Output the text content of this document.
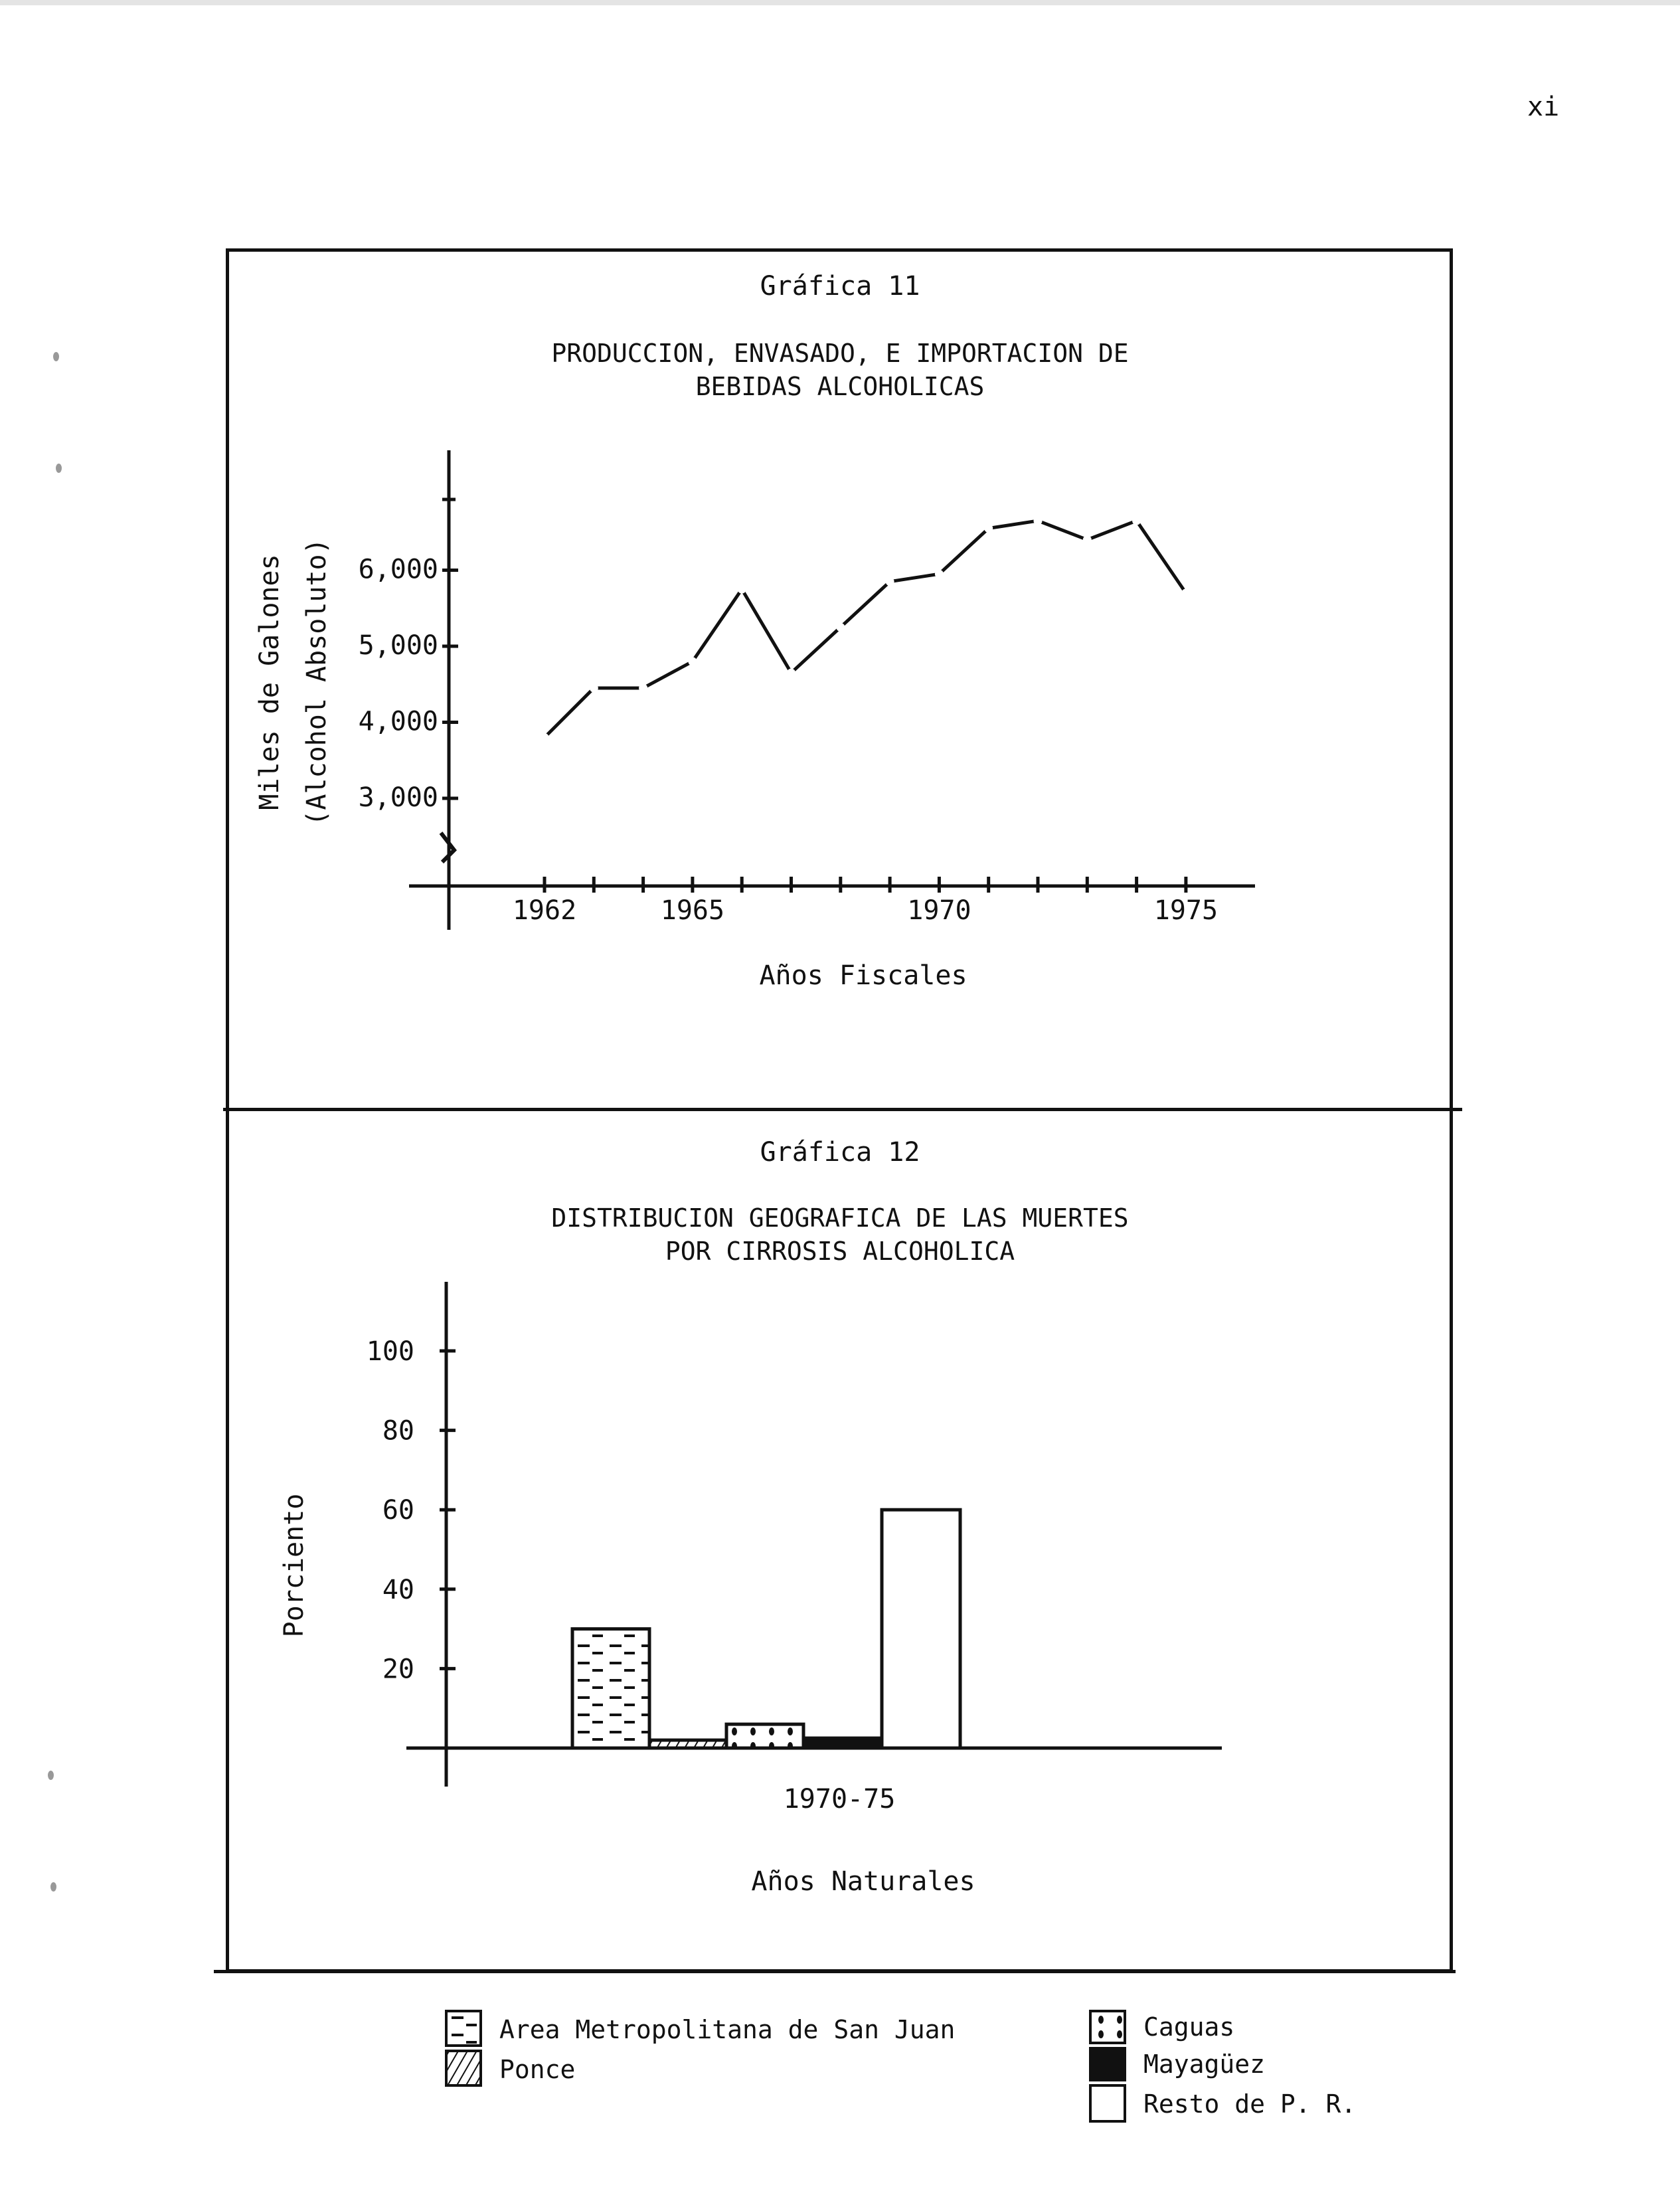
xi
Gráfica 11
PRODUCCION, ENVASADO, E IMPORTACION DE
BEBIDAS ALCOHOLICAS
Miles de Galones (Alcohol Absoluto)
Años Fiscales
Gráfica 12
DISTRIBUCION GEOGRAFICA DE LAS MUERTES
POR CIRROSIS ALCOHOLICA
Porciento
Años Naturales
3,000
4,000
5,000
6,000
1962	1965	1970	1975
20
40
60
80
100
1970-75
Area Metropolitana de San Juan
Ponce
Caguas
Mayagüez
Resto de P. R.
